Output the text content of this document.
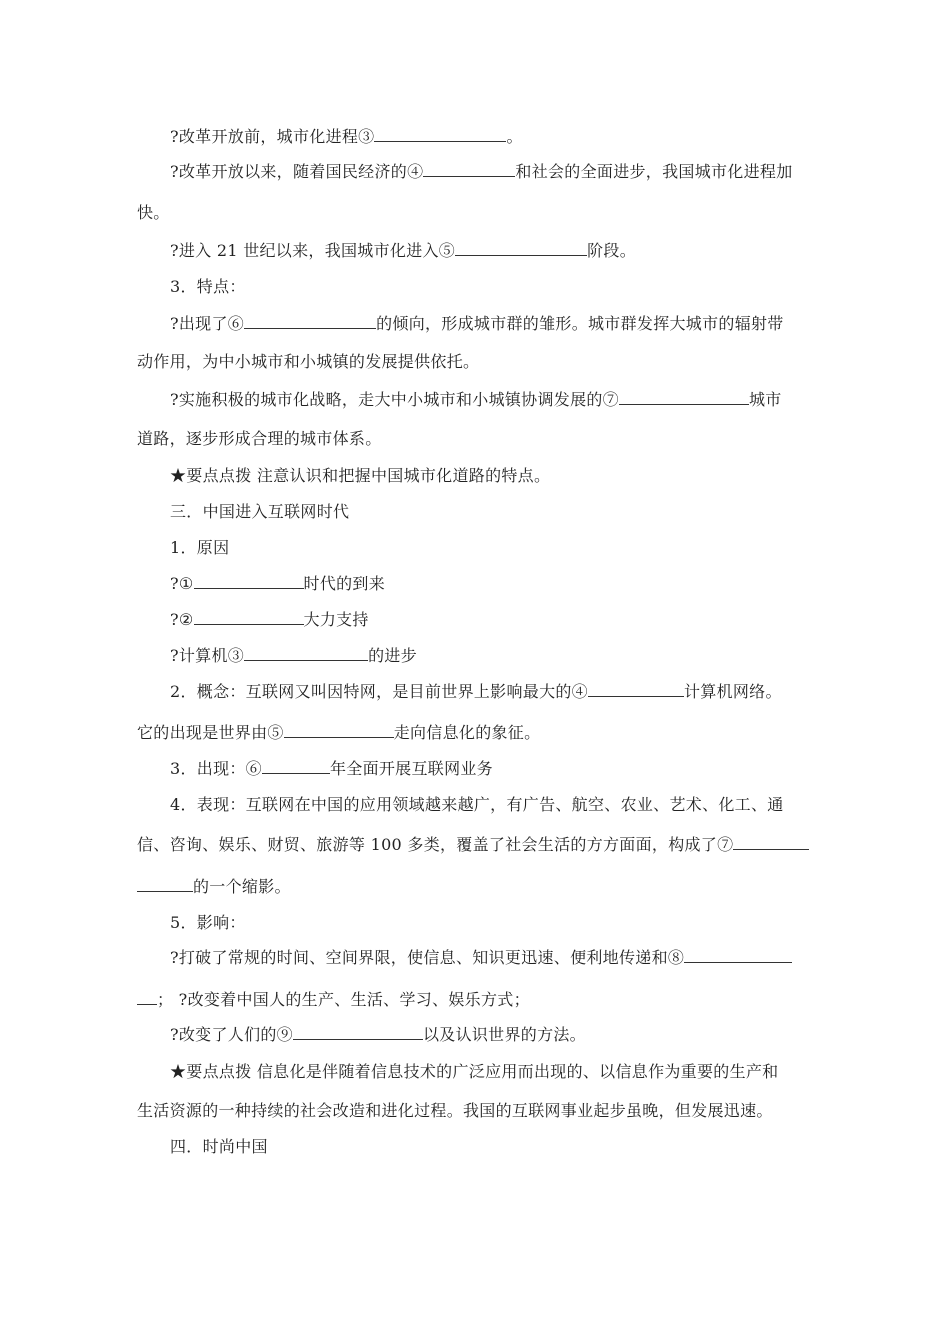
?改革开放前，城市化进程③	。
?改革开放以来，随着国民经济的④	和社会的全面进步，我国城市化进程加
快。
?进入 21 世纪以来，我国城市化进入⑤	阶段。
3．特点：
?出现了⑥	的倾向，形成城市群的雏形。城市群发挥大城市的辐射带
动作用，为中小城市和小城镇的发展提供依托。
?实施积极的城市化战略，走大中小城市和小城镇协调发展的⑦	城市
道路，逐步形成合理的城市体系。
★要点点拨 注意认识和把握中国城市化道路的特点。
三．中国进入互联网时代
1．原因
?①	时代的到来
?②	大力支持
?计算机③	的进步
2．概念：互联网又叫因特网，是目前世界上影响最大的④	计算机网络。
它的出现是世界由⑤	走向信息化的象征。
3．出现：⑥	年全面开展互联网业务
4．表现：互联网在中国的应用领域越来越广，有广告、航空、农业、艺术、化工、通
信、咨询、娱乐、财贸、旅游等 100 多类，覆盖了社会生活的方方面面，构成了⑦
的一个缩影。
5．影响：
?打破了常规的时间、空间界限，使信息、知识更迅速、便利地传递和⑧
； ?改变着中国人的生产、生活、学习、娱乐方式；
?改变了人们的⑨	以及认识世界的方法。
★要点点拨 信息化是伴随着信息技术的广泛应用而出现的、以信息作为重要的生产和
生活资源的一种持续的社会改造和进化过程。我国的互联网事业起步虽晚，但发展迅速。
四．时尚中国
